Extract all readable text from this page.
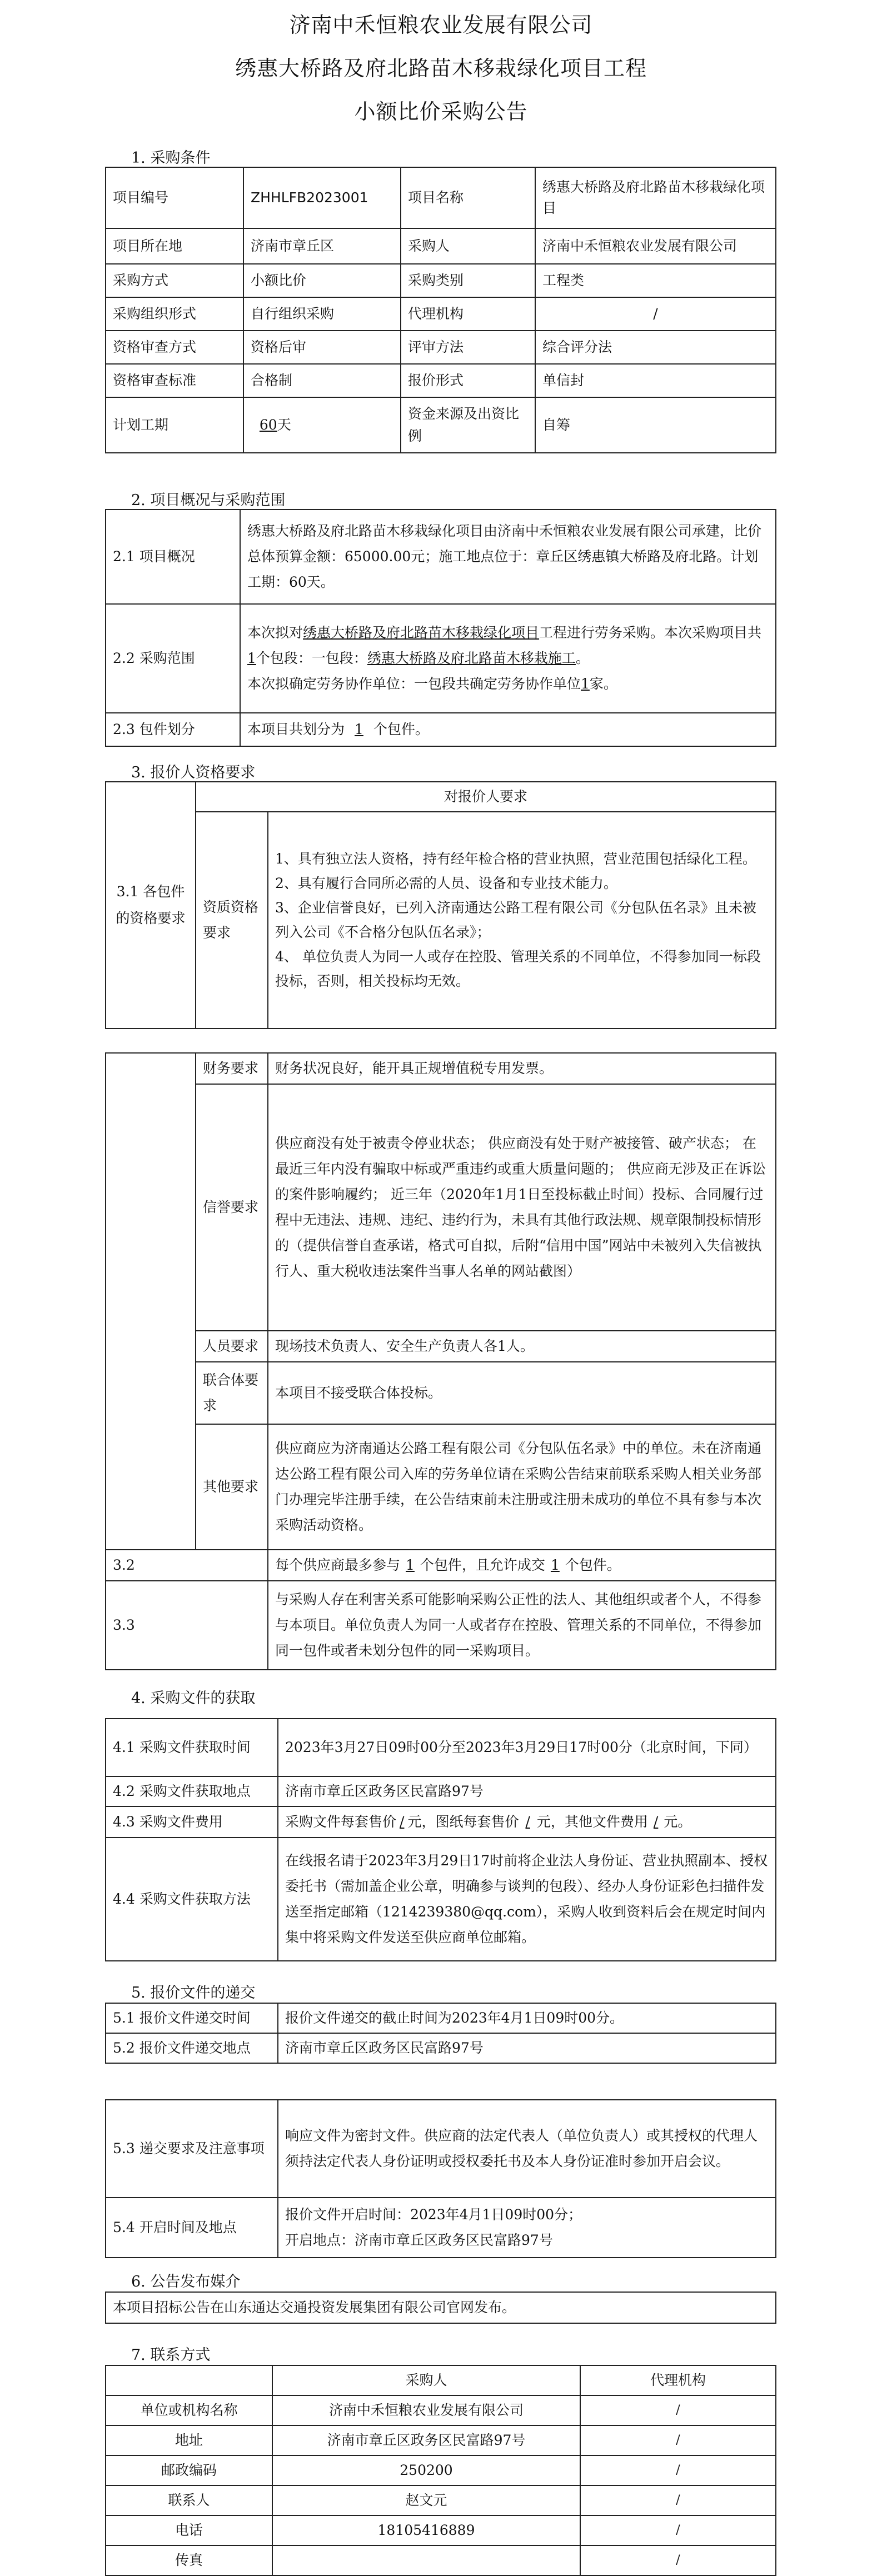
济南中禾恒粮农业发展有限公司
绣惠大桥路及府北路苗木移栽绿化项目工程
小额比价采购公告
1. 采购条件
项目编号	ZHHLFB2023001	项目名称	绣惠大桥路及府北路苗木移栽绿化项目
项目所在地	济南市章丘区	采购人	济南中禾恒粮农业发展有限公司
采购方式	小额比价	采购类别	工程类
采购组织形式	自行组织采购	代理机构	/
资格审查方式	资格后审	评审方法	综合评分法
资格审查标准	合格制	报价形式	单信封
计划工期	60天	资金来源及出资比例	自筹
2. 项目概况与采购范围
2.1 项目概况	绣惠大桥路及府北路苗木移栽绿化项目由济南中禾恒粮农业发展有限公司承建，比价总体预算金额：65000.00元；施工地点位于：章丘区绣惠镇大桥路及府北路。计划工期：60天。
2.2 采购范围	本次拟对绣惠大桥路及府北路苗木移栽绿化项目工程进行劳务采购。本次采购项目共1个包段：一包段：绣惠大桥路及府北路苗木移栽施工。
本次拟确定劳务协作单位：一包段共确定劳务协作单位1家。
2.3 包件划分	本项目共划分为 1 个包件。
3. 报价人资格要求
3.1 各包件的资格要求	对报价人要求	
	资质资格要求	1、具有独立法人资格，持有经年检合格的营业执照，营业范围包括绿化工程。
2、具有履行合同所必需的人员、设备和专业技术能力。
3、企业信誉良好，已列入济南通达公路工程有限公司《分包队伍名录》且未被列入公司《不合格分包队伍名录》；
4、 单位负责人为同一人或存在控股、管理关系的不同单位，不得参加同一标段投标，否则，相关投标均无效。
	财务要求	财务状况良好，能开具正规增值税专用发票。
	信誉要求	供应商没有处于被责令停业状态； 供应商没有处于财产被接管、破产状态； 在最近三年内没有骗取中标或严重违约或重大质量问题的； 供应商无涉及正在诉讼的案件影响履约； 近三年（2020年1月1日至投标截止时间）投标、合同履行过程中无违法、违规、违纪、违约行为，未具有其他行政法规、规章限制投标情形的（提供信誉自查承诺，格式可自拟，后附“信用中国”网站中未被列入失信被执行人、重大税收违法案件当事人名单的网站截图）
	人员要求	现场技术负责人、安全生产负责人各1人。
	联合体要求	本项目不接受联合体投标。
	其他要求	供应商应为济南通达公路工程有限公司《分包队伍名录》中的单位。未在济南通达公路工程有限公司入库的劳务单位请在采购公告结束前联系采购人相关业务部门办理完毕注册手续，在公告结束前未注册或注册未成功的单位不具有参与本次采购活动资格。
3.2		每个供应商最多参与 1 个包件，且允许成交 1 个包件。
3.3		与采购人存在利害关系可能影响采购公正性的法人、其他组织或者个人，不得参与本项目。单位负责人为同一人或者存在控股、管理关系的不同单位，不得参加同一包件或者未划分包件的同一采购项目。
4. 采购文件的获取
4.1 采购文件获取时间	2023年3月27日09时00分至2023年3月29日17时00分（北京时间，下同）
4.2 采购文件获取地点	济南市章丘区政务区民富路97号
4.3 采购文件费用	采购文件每套售价 / 元，图纸每套售价 / 元，其他文件费用 / 元。
4.4 采购文件获取方法	在线报名请于2023年3月29日17时前将企业法人身份证、营业执照副本、授权委托书（需加盖企业公章，明确参与谈判的包段）、经办人身份证彩色扫描件发送至指定邮箱（1214239380@qq.com），采购人收到资料后会在规定时间内集中将采购文件发送至供应商单位邮箱。
5. 报价文件的递交
5.1 报价文件递交时间	报价文件递交的截止时间为2023年4月1日09时00分。
5.2 报价文件递交地点	济南市章丘区政务区民富路97号
5.3 递交要求及注意事项	响应文件为密封文件。供应商的法定代表人（单位负责人）或其授权的代理人须持法定代表人身份证明或授权委托书及本人身份证准时参加开启会议。
5.4 开启时间及地点	报价文件开启时间：2023年4月1日09时00分；
开启地点：济南市章丘区政务区民富路97号
6. 公告发布媒介
本项目招标公告在山东通达交通投资发展集团有限公司官网发布。
7. 联系方式
	采购人	代理机构
单位或机构名称	济南中禾恒粮农业发展有限公司	/
地址	济南市章丘区政务区民富路97号	/
邮政编码	250200	/
联系人	赵文元	/
电话	18105416889	/
传真		/
